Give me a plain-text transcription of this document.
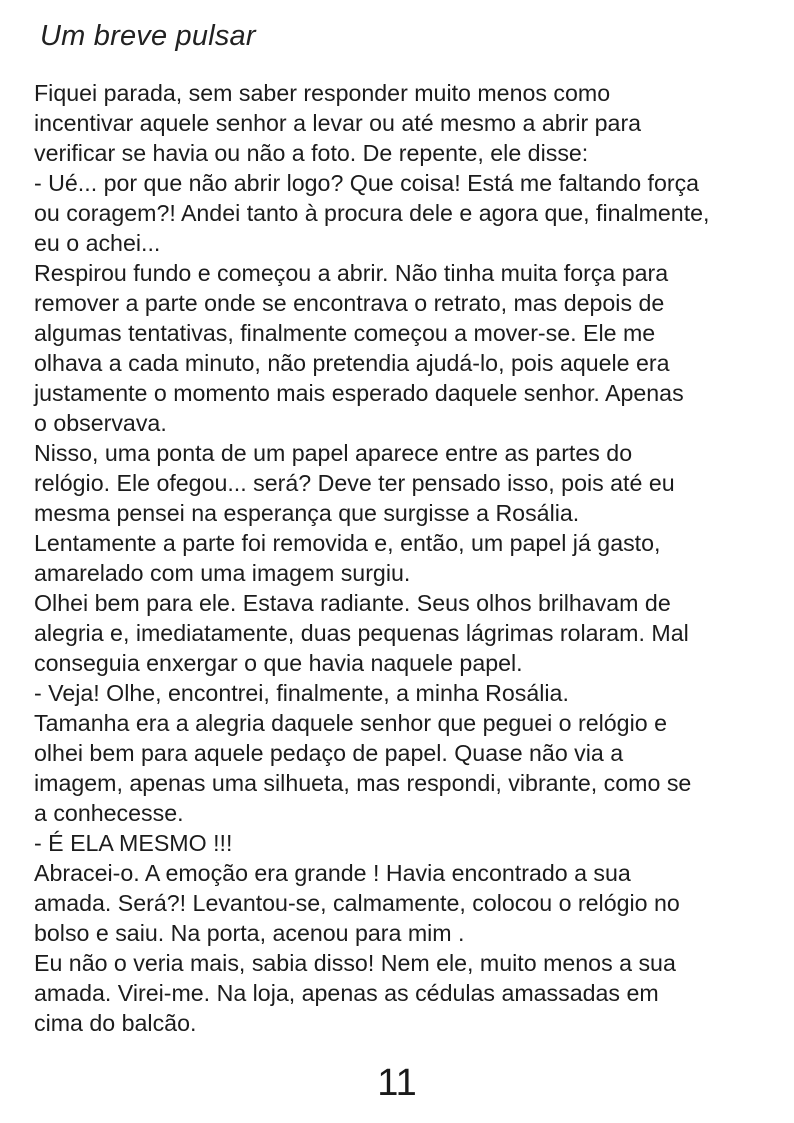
Um breve pulsar

Fiquei parada, sem saber responder muito menos como

incentivar aquele senhor a levar ou até mesmo a abrir para

verificar se havia ou não a foto. De repente, ele disse:

- Ué... por que não abrir logo? Que coisa! Está me faltando força

ou coragem?! Andei tanto à procura dele e agora que, finalmente,

eu o achei...

Respirou fundo e começou a abrir. Não tinha muita força para

remover a parte onde se encontrava o retrato, mas depois de

algumas tentativas, finalmente começou a mover-se. Ele me

olhava a cada minuto, não pretendia ajudá-lo, pois aquele era

justamente o momento mais esperado daquele senhor. Apenas

o observava.

Nisso, uma ponta de um papel aparece entre as partes do

relógio. Ele ofegou... será? Deve ter pensado isso, pois até eu

mesma pensei na esperança que surgisse a Rosália.

Lentamente a parte foi removida e, então, um papel já gasto,

amarelado com uma imagem surgiu.

Olhei bem para ele. Estava radiante. Seus olhos brilhavam de

alegria e, imediatamente, duas pequenas lágrimas rolaram. Mal

conseguia enxergar o que havia naquele papel.

- Veja! Olhe, encontrei, finalmente, a minha Rosália.

Tamanha era a alegria daquele senhor que peguei o relógio e

olhei bem para aquele pedaço de papel. Quase não via a

imagem, apenas uma silhueta, mas respondi, vibrante, como se

a conhecesse.

- É ELA MESMO !!!

Abracei-o. A emoção era grande ! Havia encontrado a sua

amada. Será?! Levantou-se, calmamente, colocou o relógio no

bolso e saiu. Na porta, acenou para mim .

Eu não o veria mais, sabia disso! Nem ele, muito menos a sua

amada. Virei-me. Na loja, apenas as cédulas amassadas em

cima do balcão.

11
